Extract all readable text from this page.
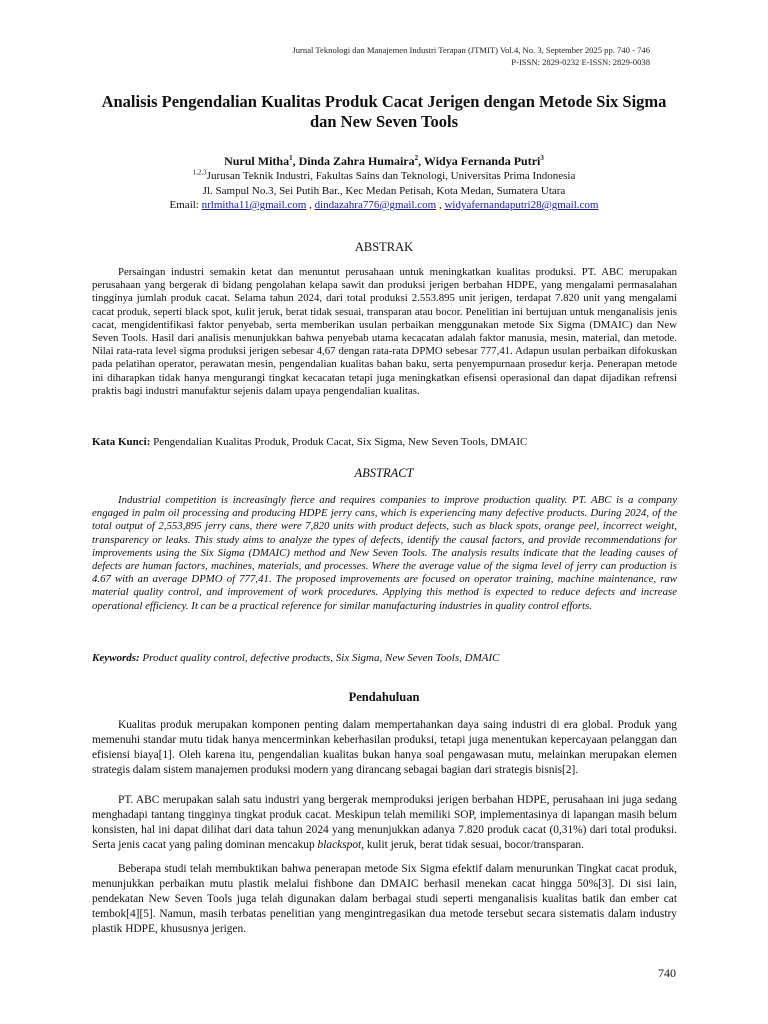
Jurnal Teknologi dan Manajemen Industri Terapan (JTMIT) Vol.4, No. 3, September 2025 pp. 740 - 746
P-ISSN: 2829-0232 E-ISSN: 2829-0038
Analisis Pengendalian Kualitas Produk Cacat Jerigen dengan Metode Six Sigma dan New Seven Tools
Nurul Mitha$^1$, Dinda Zahra Humaira$^2$, Widya Fernanda Putri$^3$
$^{1,2,3}$Jurusan Teknik Industri, Fakultas Sains dan Teknologi, Universitas Prima Indonesia
Jl. Sampul No.3, Sei Putih Bar., Kec Medan Petisah, Kota Medan, Sumatera Utara
Email: nrlmitha11@gmail.com , dindazahra776@gmail.com , widyafernandaputri28@gmail.com
ABSTRAK
Persaingan industri semakin ketat dan menuntut perusahaan untuk meningkatkan kualitas produksi. PT. ABC merupakan perusahaan yang bergerak di bidang pengolahan kelapa sawit dan produksi jerigen berbahan HDPE, yang mengalami permasalahan tingginya jumlah produk cacat. Selama tahun 2024, dari total produksi 2.553.895 unit jerigen, terdapat 7.820 unit yang mengalami cacat produk, seperti black spot, kulit jeruk, berat tidak sesuai, transparan atau bocor. Penelitian ini bertujuan untuk menganalisis jenis cacat, mengidentifikasi faktor penyebab, serta memberikan usulan perbaikan menggunakan metode Six Sigma (DMAIC) dan New Seven Tools. Hasil dari analisis menunjukkan bahwa penyebab utama kecacatan adalah faktor manusia, mesin, material, dan metode. Nilai rata-rata level sigma produksi jerigen sebesar 4,67 dengan rata-rata DPMO sebesar 777,41. Adapun usulan perbaikan difokuskan pada pelatihan operator, perawatan mesin, pengendalian kualitas bahan baku, serta penyempurnaan prosedur kerja. Penerapan metode ini diharapkan tidak hanya mengurangi tingkat kecacatan tetapi juga meningkatkan efisensi operasional dan dapat dijadikan refrensi praktis bagi industri manufaktur sejenis dalam upaya pengendalian kualitas.
Kata Kunci: Pengendalian Kualitas Produk, Produk Cacat, Six Sigma, New Seven Tools, DMAIC
ABSTRACT
Industrial competition is increasingly fierce and requires companies to improve production quality. PT. ABC is a company engaged in palm oil processing and producing HDPE jerry cans, which is experiencing many defective products. During 2024, of the total output of 2,553,895 jerry cans, there were 7,820 units with product defects, such as black spots, orange peel, incorrect weight, transparency or leaks. This study aims to analyze the types of defects, identify the causal factors, and provide recommendations for improvements using the Six Sigma (DMAIC) method and New Seven Tools. The analysis results indicate that the leading causes of defects are human factors, machines, materials, and processes. Where the average value of the sigma level of jerry can production is 4.67 with an average DPMO of 777,41. The proposed improvements are focused on operator training, machine maintenance, raw material quality control, and improvement of work procedures. Applying this method is expected to reduce defects and increase operational efficiency. It can be a practical reference for similar manufacturing industries in quality control efforts.
Keywords: Product quality control, defective products, Six Sigma, New Seven Tools, DMAIC
Pendahuluan
Kualitas produk merupakan komponen penting dalam mempertahankan daya saing industri di era global. Produk yang memenuhi standar mutu tidak hanya mencerminkan keberhasilan produksi, tetapi juga menentukan kepercayaan pelanggan dan efisiensi biaya[1]. Oleh karena itu, pengendalian kualitas bukan hanya soal pengawasan mutu, melainkan merupakan elemen strategis dalam sistem manajemen produksi modern yang dirancang sebagai bagian dari strategis bisnis[2].
PT. ABC merupakan salah satu industri yang bergerak memproduksi jerigen berbahan HDPE, perusahaan ini juga sedang menghadapi tantang tingginya tingkat produk cacat. Meskipun telah memiliki SOP, implementasinya di lapangan masih belum konsisten, hal ini dapat dilihat dari data tahun 2024 yang menunjukkan adanya 7.820 produk cacat (0,31%) dari total produksi. Serta jenis cacat yang paling dominan mencakup blackspot, kulit jeruk, berat tidak sesuai, bocor/transparan.
Beberapa studi telah membuktikan bahwa penerapan metode Six Sigma efektif dalam menurunkan Tingkat cacat produk, menunjukkan perbaikan mutu plastik melalui fishbone dan DMAIC berhasil menekan cacat hingga 50%[3]. Di sisi lain, pendekatan New Seven Tools juga telah digunakan dalam berbagai studi seperti menganalisis kualitas batik dan ember cat tembok[4][5]. Namun, masih terbatas penelitian yang mengintregasikan dua metode tersebut secara sistematis dalam industry plastik HDPE, khususnya jerigen.
740
